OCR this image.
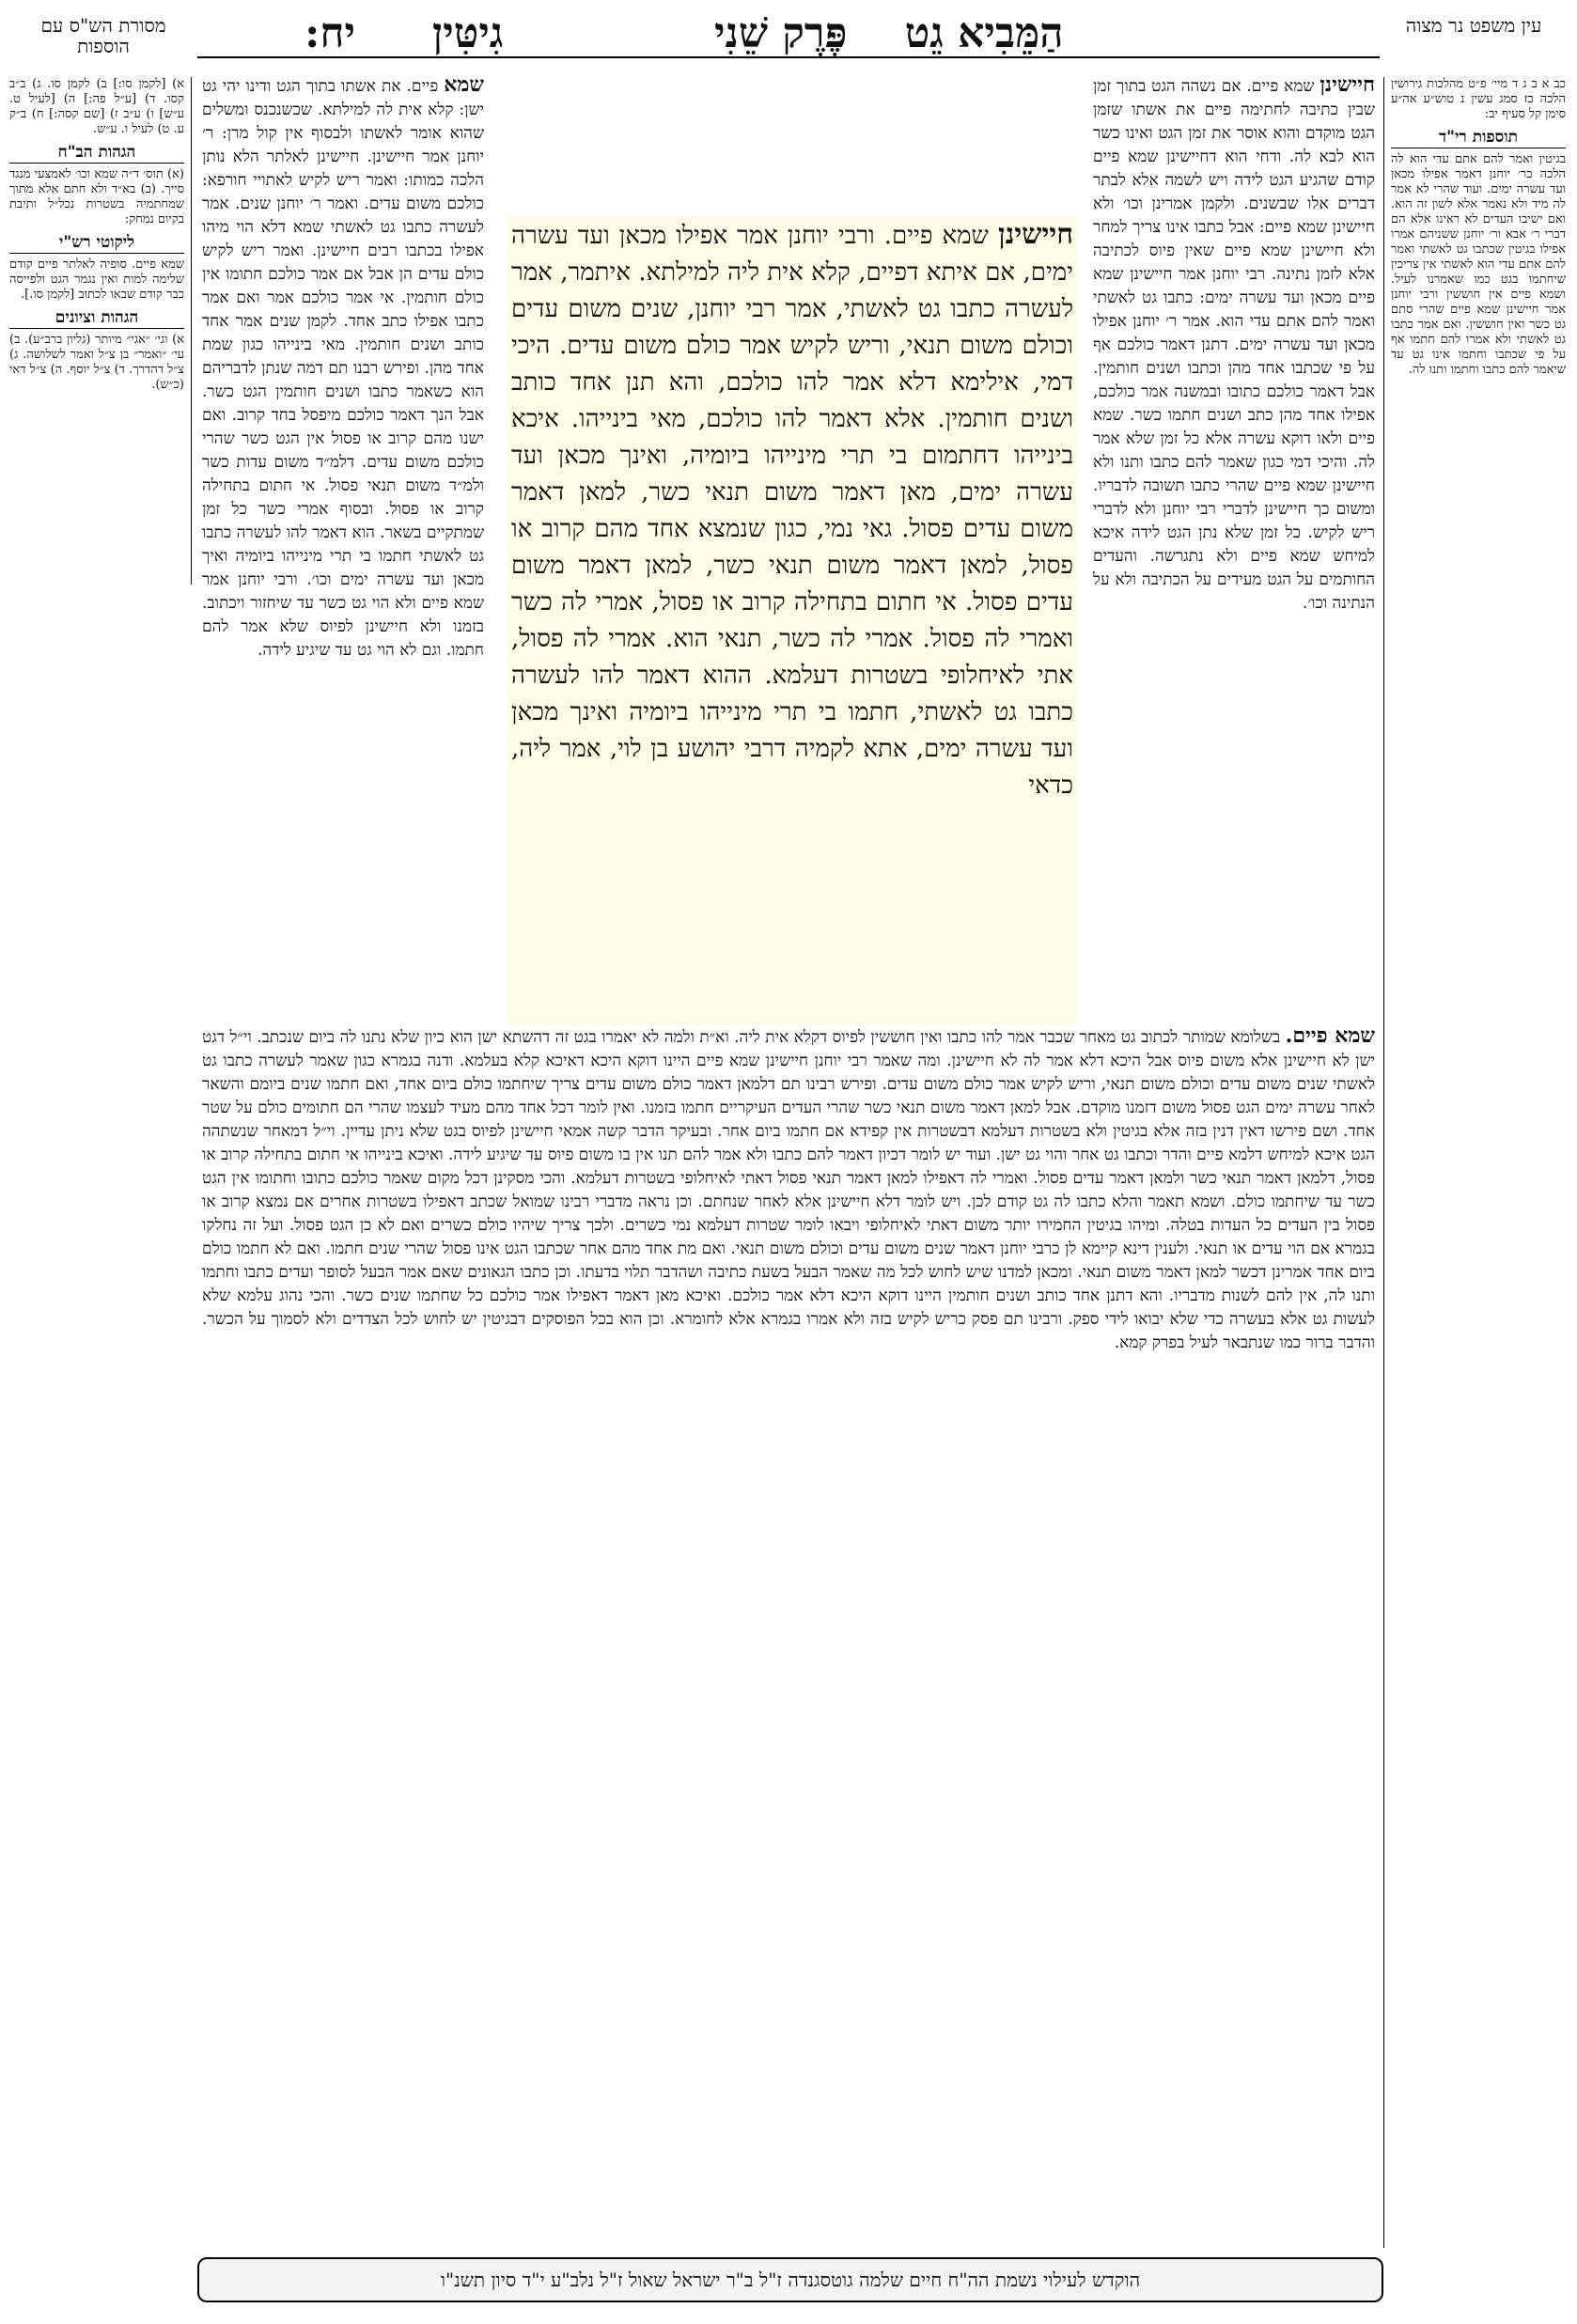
עין משפט נר מצוה
יח:	הַמֵּבִיא גֵט    פֶּרֶק שֵׁנִי
גִיטִּין
מסורת הש"ס עם הוספות

כב א ב ג ד מיי׳ פ״ט מהלכות גירושין הלכה כז סמג עשין נ טוש״ע אה״ע סימן קל סעיף יב:

תוספות רי"ד

בגיטין ואמר להם אתם עדי הוא לה הלכה כר׳ יוחנן דאמר אפילו מכאן ועד עשרה ימים. ועוד שהרי לא אמר לה מיד ולא נאמר אלא לשון זה הוא. ואם ישיבו העדים לא ראינו אלא הם דברי ר׳ אבא ור׳ יוחנן ששניהם אמרו אפילו בגיטין שכתבו גט לאשתי ואמר להם אתם עדי הוא לאשתי אין צריכין שיחתמו בגט כמו שאמרנו לעיל. ושמא פיים אין חוששין ורבי יוחנן אמר חיישינן שמא פיים שהרי סתם גט כשר ואין חוששין. ואם אמר כתבו גט לאשתי ולא אמרו להם חתמו אף על פי שכתבו וחתמו אינו גט עד שיאמר להם כתבו וחתמו ותנו לה.

א) [לקמן סו:] ב) לקמן סו. ג) ב״ב קסו. ד) [ע״ל פה:] ה) [לעיל ט. ע״ש] ו) ע״ב ז) [שם קסה:] ח) ב״ק ע. ט) לעיל ו. ע״ש.

הגהות הב"ח

(א) תוס׳ ד״ה שמא וכו׳ לאמצעי מנגד סייך. (ב) בא״ד ולא חתם אלא מתוך שמחתמיה בשטרות נכל״ל ותיבת בקיום נמחק:

ליקוטי רש"י

שמא פיים. סופיה לאלתר פיים קודם שלימה למות ואין נגמר הגט ולפייסה כבר קודם שבאו לכתוב [לקמן סו.].

הגהות וציונים

א) וגי׳ ״אגי״ מיותר (גליון ברב״ע). ב) עי׳ ״ואמר״ בן צ״ל ואמר לשלושה. ג) צ״ל דהדרך. ד) צ״ל יוסף. ה) צ״ל דאי (כ״ש).

חיישינן שמא פיים. אם נשהה הגט בתוך זמן שבין כתיבה לחתימה פיים את אשתו שזמן הגט מוקדם והוא אוסר את זמן הגט ואינו כשר הוא לבא לה. ודחי הוא דחיישינן שמא פיים קודם שהגיע הגט לידה ויש לשמה אלא לבתר דברים אלו שבשנים. ולקמן אמרינן וכו׳ ולא חיישינן שמא פיים: אבל כתבו אינו צריך למחר ולא חיישינן שמא פיים שאין פיוס לכתיבה אלא לזמן נתינה. רבי יוחנן אמר חיישינן שמא פיים מכאן ועד עשרה ימים: כתבו גט לאשתי ואמר להם אתם עדי הוא. אמר ר׳ יוחנן אפילו מכאן ועד עשרה ימים. דתנן דאמר כולכם אף על פי שכתבו אחד מהן וכתבו ושנים חותמין. אבל דאמר כולכם כתובו ובמשנה אמר כולכם, אפילו אחד מהן כתב ושנים חתמו כשר. שמא פיים ולאו דוקא עשרה אלא כל זמן שלא אמר לה. והיכי דמי כגון שאמר להם כתבו ותנו ולא חיישינן שמא פיים שהרי כתבו תשובה לדבריו. ומשום כך חיישינן לדברי רבי יוחנן ולא לדברי ריש לקיש. כל זמן שלא נתן הגט לידה איכא למיחש שמא פיים ולא נתגרשה. והעדים החותמים על הגט מעידים על הכתיבה ולא על הנתינה וכו׳.

שמא פיים. את אשתו בתוך הגט ודינו יהי גט ישן: קלא אית לה למילתא. שכשנכנס ומשלים שהוא אומר לאשתו ולבסוף אין קול מרן: ר׳ יוחנן אמר חיישינן. חיישינן לאלתר הלא נותן הלכה כמותו: ואמר ריש לקיש לאתויי חורפא: כולכם משום עדים. ואמר ר׳ יוחנן שנים. אמר לעשרה כתבו גט לאשתי שמא דלא הוי מיהו אפילו בכתבו רבים חיישינן. ואמר ריש לקיש כולם עדים הן אבל אם אמר כולכם חתומו אין כולם חותמין. אי אמר כולכם אמר ואם אמר כתבו אפילו כתב אחד. לקמן שנים אמר אחד כותב ושנים חותמין. מאי בינייהו כגון שמת אחד מהן. ופירש רבנו תם דמה שנתן לדבריהם הוא כשאמר כתבו ושנים חותמין הגט כשר. אבל הנך דאמר כולכם מיפסל בחד קרוב. ואם ישנו מהם קרוב או פסול אין הגט כשר שהרי כולכם משום עדים. דלמ״ד משום עדות כשר ולמ״ד משום תנאי פסול. אי חתום בתחילה קרוב או פסול. ובסוף אמרי כשר כל זמן שמתקיים בשאר. הוא דאמר להו לעשרה כתבו גט לאשתי חתמו בי תרי מינייהו ביומיה ואיך מכאן ועד עשרה ימים וכו׳. ורבי יוחנן אמר שמא פיים ולא הוי גט כשר עד שיחזור ויכתוב. בזמנו ולא חיישינן לפיוס שלא אמר להם חתמו. וגם לא הוי גט עד שיגיע לידה.

חיישינן שמא פיים. ורבי יוחנן אמר אפילו מכאן ועד עשרה ימים, אם איתא דפיים, קלא אית ליה למילתא. איתמר, אמר לעשרה כתבו גט לאשתי, אמר רבי יוחנן, שנים משום עדים וכולם משום תנאי, וריש לקיש אמר כולם משום עדים. היכי דמי, אילימא דלא אמר להו כולכם, והא תנן אחד כותב ושנים חותמין. אלא דאמר להו כולכם, מאי בינייהו. איכא בינייהו דחתמום בי תרי מינייהו ביומיה, ואינך מכאן ועד עשרה ימים, מאן דאמר משום תנאי כשר, למאן דאמר משום עדים פסול. גאי נמי, כגון שנמצא אחד מהם קרוב או פסול, למאן דאמר משום תנאי כשר, למאן דאמר משום עדים פסול. אי חתום בתחילה קרוב או פסול, אמרי לה כשר ואמרי לה פסול. אמרי לה כשר, תנאי הוא. אמרי לה פסול, אתי לאיחלופי בשטרות דעלמא. ההוא דאמר להו לעשרה כתבו גט לאשתי, חתמו בי תרי מינייהו ביומיה ואינך מכאן ועד עשרה ימים, אתא לקמיה דרבי יהושע בן לוי, אמר ליה, כדאי

שמא פיים. בשלומא שמותר לכתוב גט מאחר שכבר אמר להו כתבו ואין חוששין לפיוס דקלא אית ליה. וא״ת ולמה לא יאמרו בגט זה דהשתא ישן הוא כיון שלא נתנו לה ביום שנכתב. וי״ל דגט ישן לא חיישינן אלא משום פיוס אבל היכא דלא אמר לה לא חיישינן. ומה שאמר רבי יוחנן חיישינן שמא פיים היינו דוקא היכא דאיכא קלא בעלמא. ודנה בגמרא כגון שאמר לעשרה כתבו גט לאשתי שנים משום עדים וכולם משום תנאי, וריש לקיש אמר כולם משום עדים. ופירש רבינו תם דלמאן דאמר כולם משום עדים צריך שיחתמו כולם ביום אחד, ואם חתמו שנים ביומם והשאר לאחר עשרה ימים הגט פסול משום דזמנו מוקדם. אבל למאן דאמר משום תנאי כשר שהרי העדים העיקריים חתמו בזמנו. ואין לומר דכל אחד מהם מעיד לעצמו שהרי הם חתומים כולם על שטר אחד. ושם פירשו דאין דנין בזה אלא בגיטין ולא בשטרות דעלמא דבשטרות אין קפידא אם חתמו ביום אחר. ובעיקר הדבר קשה אמאי חיישינן לפיוס בגט שלא ניתן עדיין. וי״ל דמאחר שנשתהה הגט איכא למיחש דלמא פיים והדר וכתבו גט אחר והוי גט ישן. ועוד יש לומר דכיון דאמר להם כתבו ולא אמר להם תנו אין בו משום פיוס עד שיגיע לידה. ואיכא בינייהו אי חתום בתחילה קרוב או פסול, דלמאן דאמר תנאי כשר ולמאן דאמר עדים פסול. ואמרי לה דאפילו למאן דאמר תנאי פסול דאתי לאיחלופי בשטרות דעלמא. והכי מסקינן דכל מקום שאמר כולכם כתובו וחתומו אין הגט כשר עד שיחתמו כולם. ושמא תאמר והלא כתבו לה גט קודם לכן. ויש לומר דלא חיישינן אלא לאחר שנחתם. וכן נראה מדברי רבינו שמואל שכתב דאפילו בשטרות אחרים אם נמצא קרוב או פסול בין העדים כל העדות בטלה. ומיהו בגיטין החמירו יותר משום דאתי לאיחלופי ויבאו לומר שטרות דעלמא נמי כשרים. ולכך צריך שיהיו כולם כשרים ואם לא כן הגט פסול. ועל זה נחלקו בגמרא אם הוי עדים או תנאי. ולענין דינא קיימא לן כרבי יוחנן דאמר שנים משום עדים וכולם משום תנאי. ואם מת אחד מהם אחר שכתבו הגט אינו פסול שהרי שנים חתמו. ואם לא חתמו כולם ביום אחד אמרינן דכשר למאן דאמר משום תנאי. ומכאן למדנו שיש לחוש לכל מה שאמר הבעל בשעת כתיבה ושהדבר תלוי בדעתו. וכן כתבו הגאונים שאם אמר הבעל לסופר ועדים כתבו וחתמו ותנו לה, אין להם לשנות מדבריו. והא דתנן אחד כותב ושנים חותמין היינו דוקא היכא דלא אמר כולכם. ואיכא מאן דאמר דאפילו אמר כולכם כל שחתמו שנים כשר. והכי נהוג עלמא שלא לעשות גט אלא בעשרה כדי שלא יבואו לידי ספק. ורבינו תם פסק כריש לקיש בזה ולא אמרו בגמרא אלא לחומרא. וכן הוא בכל הפוסקים דבגיטין יש לחוש לכל הצדדים ולא לסמוך על הכשר. והדבר ברור כמו שנתבאר לעיל בפרק קמא.

הוקדש לעילוי נשמת הה"ח חיים שלמה גוטסגנדה ז"ל ב"ר ישראל שאול ז"ל נלב"ע י"ד סיון תשנ"ו
